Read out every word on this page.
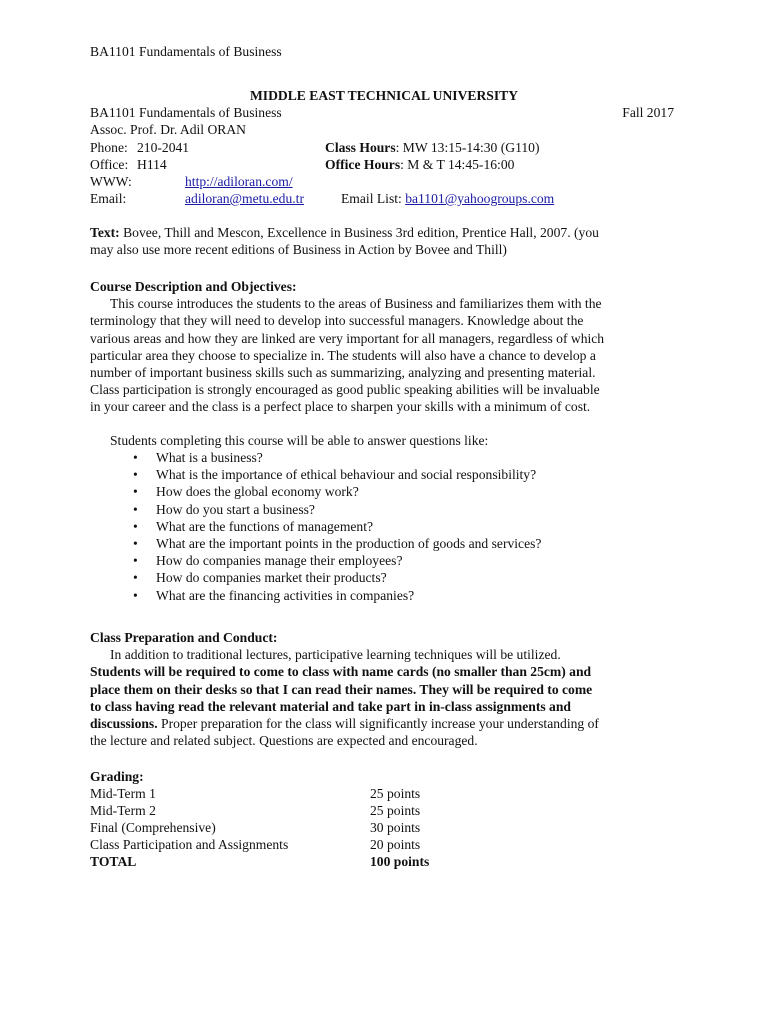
BA1101 Fundamentals of Business
MIDDLE EAST TECHNICAL UNIVERSITY
BA1101 Fundamentals of Business	Fall 2017
Assoc. Prof. Dr. Adil ORAN
Phone: 210-2041	Class Hours: MW 13:15-14:30 (G110)
Office: H114	Office Hours: M & T 14:45-16:00
WWW:	http://adiloran.com/
Email:	adiloran@metu.edu.tr	Email List: ba1101@yahoogroups.com
Text: Bovee, Thill and Mescon, Excellence in Business 3rd edition, Prentice Hall, 2007. (you
may also use more recent editions of Business in Action by Bovee and Thill)
Course Description and Objectives:
This course introduces the students to the areas of Business and familiarizes them with the
terminology that they will need to develop into successful managers. Knowledge about the
various areas and how they are linked are very important for all managers, regardless of which
particular area they choose to specialize in. The students will also have a chance to develop a
number of important business skills such as summarizing, analyzing and presenting material.
Class participation is strongly encouraged as good public speaking abilities will be invaluable
in your career and the class is a perfect place to sharpen your skills with a minimum of cost.
Students completing this course will be able to answer questions like:
• What is a business?
• What is the importance of ethical behaviour and social responsibility?
• How does the global economy work?
• How do you start a business?
• What are the functions of management?
• What are the important points in the production of goods and services?
• How do companies manage their employees?
• How do companies market their products?
• What are the financing activities in companies?
Class Preparation and Conduct:
In addition to traditional lectures, participative learning techniques will be utilized.
Students will be required to come to class with name cards (no smaller than 25cm) and
place them on their desks so that I can read their names. They will be required to come
to class having read the relevant material and take part in in-class assignments and
discussions. Proper preparation for the class will significantly increase your understanding of
the lecture and related subject. Questions are expected and encouraged.
Grading:
Mid-Term 1	25 points
Mid-Term 2	25 points
Final (Comprehensive)	30 points
Class Participation and Assignments	20 points
TOTAL	100 points
